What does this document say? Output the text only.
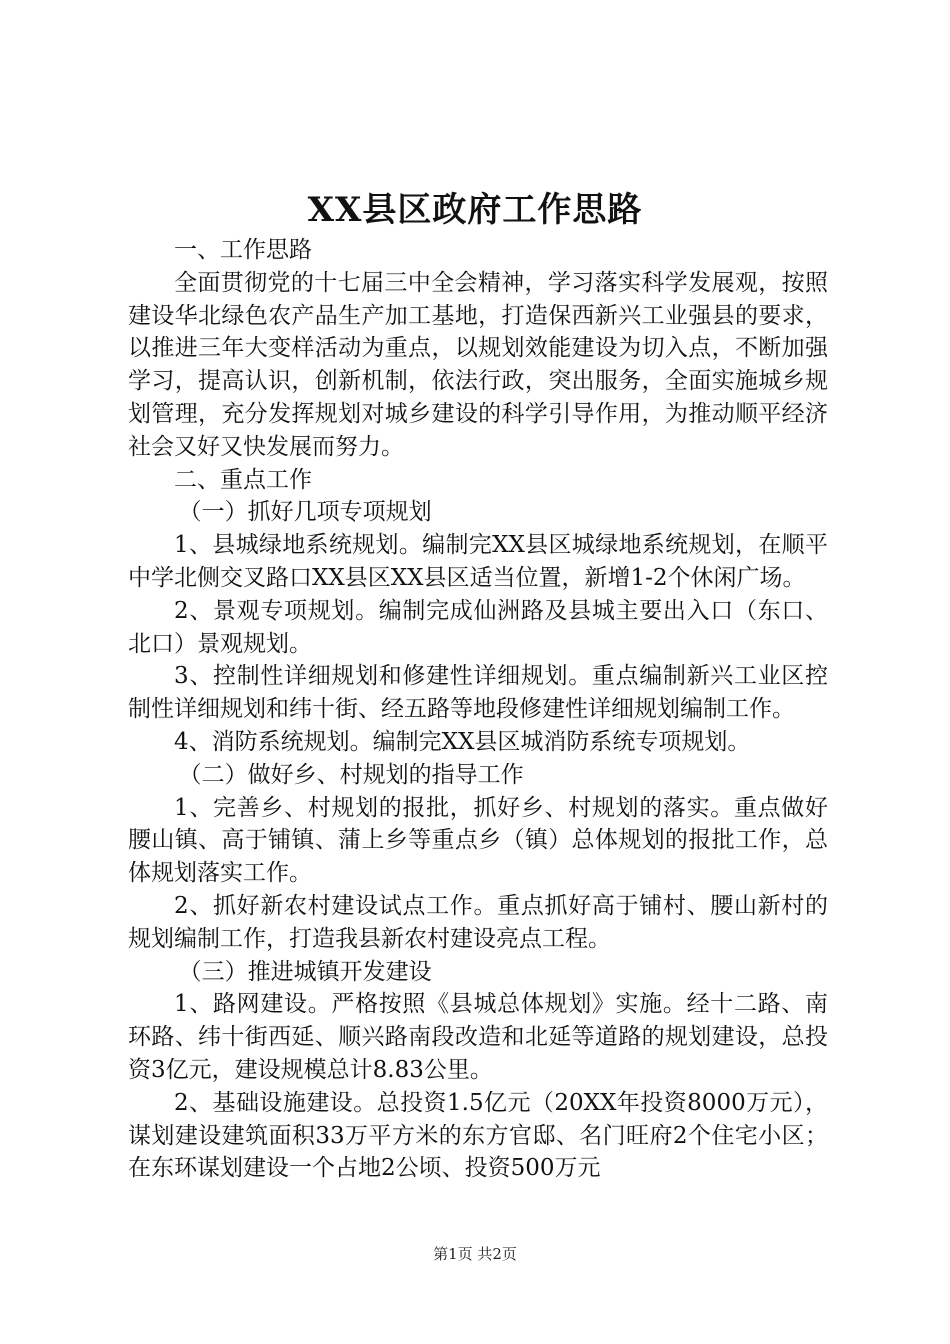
XX县区政府工作思路

一、工作思路

全面贯彻党的十七届三中全会精神，学习落实科学发展观，按照建设华北绿色农产品生产加工基地，打造保西新兴工业强县的要求，以推进三年大变样活动为重点，以规划效能建设为切入点，不断加强学习，提高认识，创新机制，依法行政，突出服务，全面实施城乡规划管理，充分发挥规划对城乡建设的科学引导作用，为推动顺平经济社会又好又快发展而努力。

二、重点工作

（一）抓好几项专项规划

1、县城绿地系统规划。编制完XX县区城绿地系统规划，在顺平中学北侧交叉路口XX县区XX县区适当位置，新增1-2个休闲广场。

2、景观专项规划。编制完成仙洲路及县城主要出入口（东口、北口）景观规划。

3、控制性详细规划和修建性详细规划。重点编制新兴工业区控制性详细规划和纬十街、经五路等地段修建性详细规划编制工作。

4、消防系统规划。编制完XX县区城消防系统专项规划。

（二）做好乡、村规划的指导工作

1、完善乡、村规划的报批，抓好乡、村规划的落实。重点做好腰山镇、高于铺镇、蒲上乡等重点乡（镇）总体规划的报批工作，总体规划落实工作。

2、抓好新农村建设试点工作。重点抓好高于铺村、腰山新村的规划编制工作，打造我县新农村建设亮点工程。

（三）推进城镇开发建设

1、路网建设。严格按照《县城总体规划》实施。经十二路、南环路、纬十街西延、顺兴路南段改造和北延等道路的规划建设，总投资3亿元，建设规模总计8.83公里。

2、基础设施建设。总投资1.5亿元（20XX年投资8000万元），谋划建设建筑面积33万平方米的东方官邸、名门旺府2个住宅小区；在东环谋划建设一个占地2公顷、投资500万元

第1页 共2页
